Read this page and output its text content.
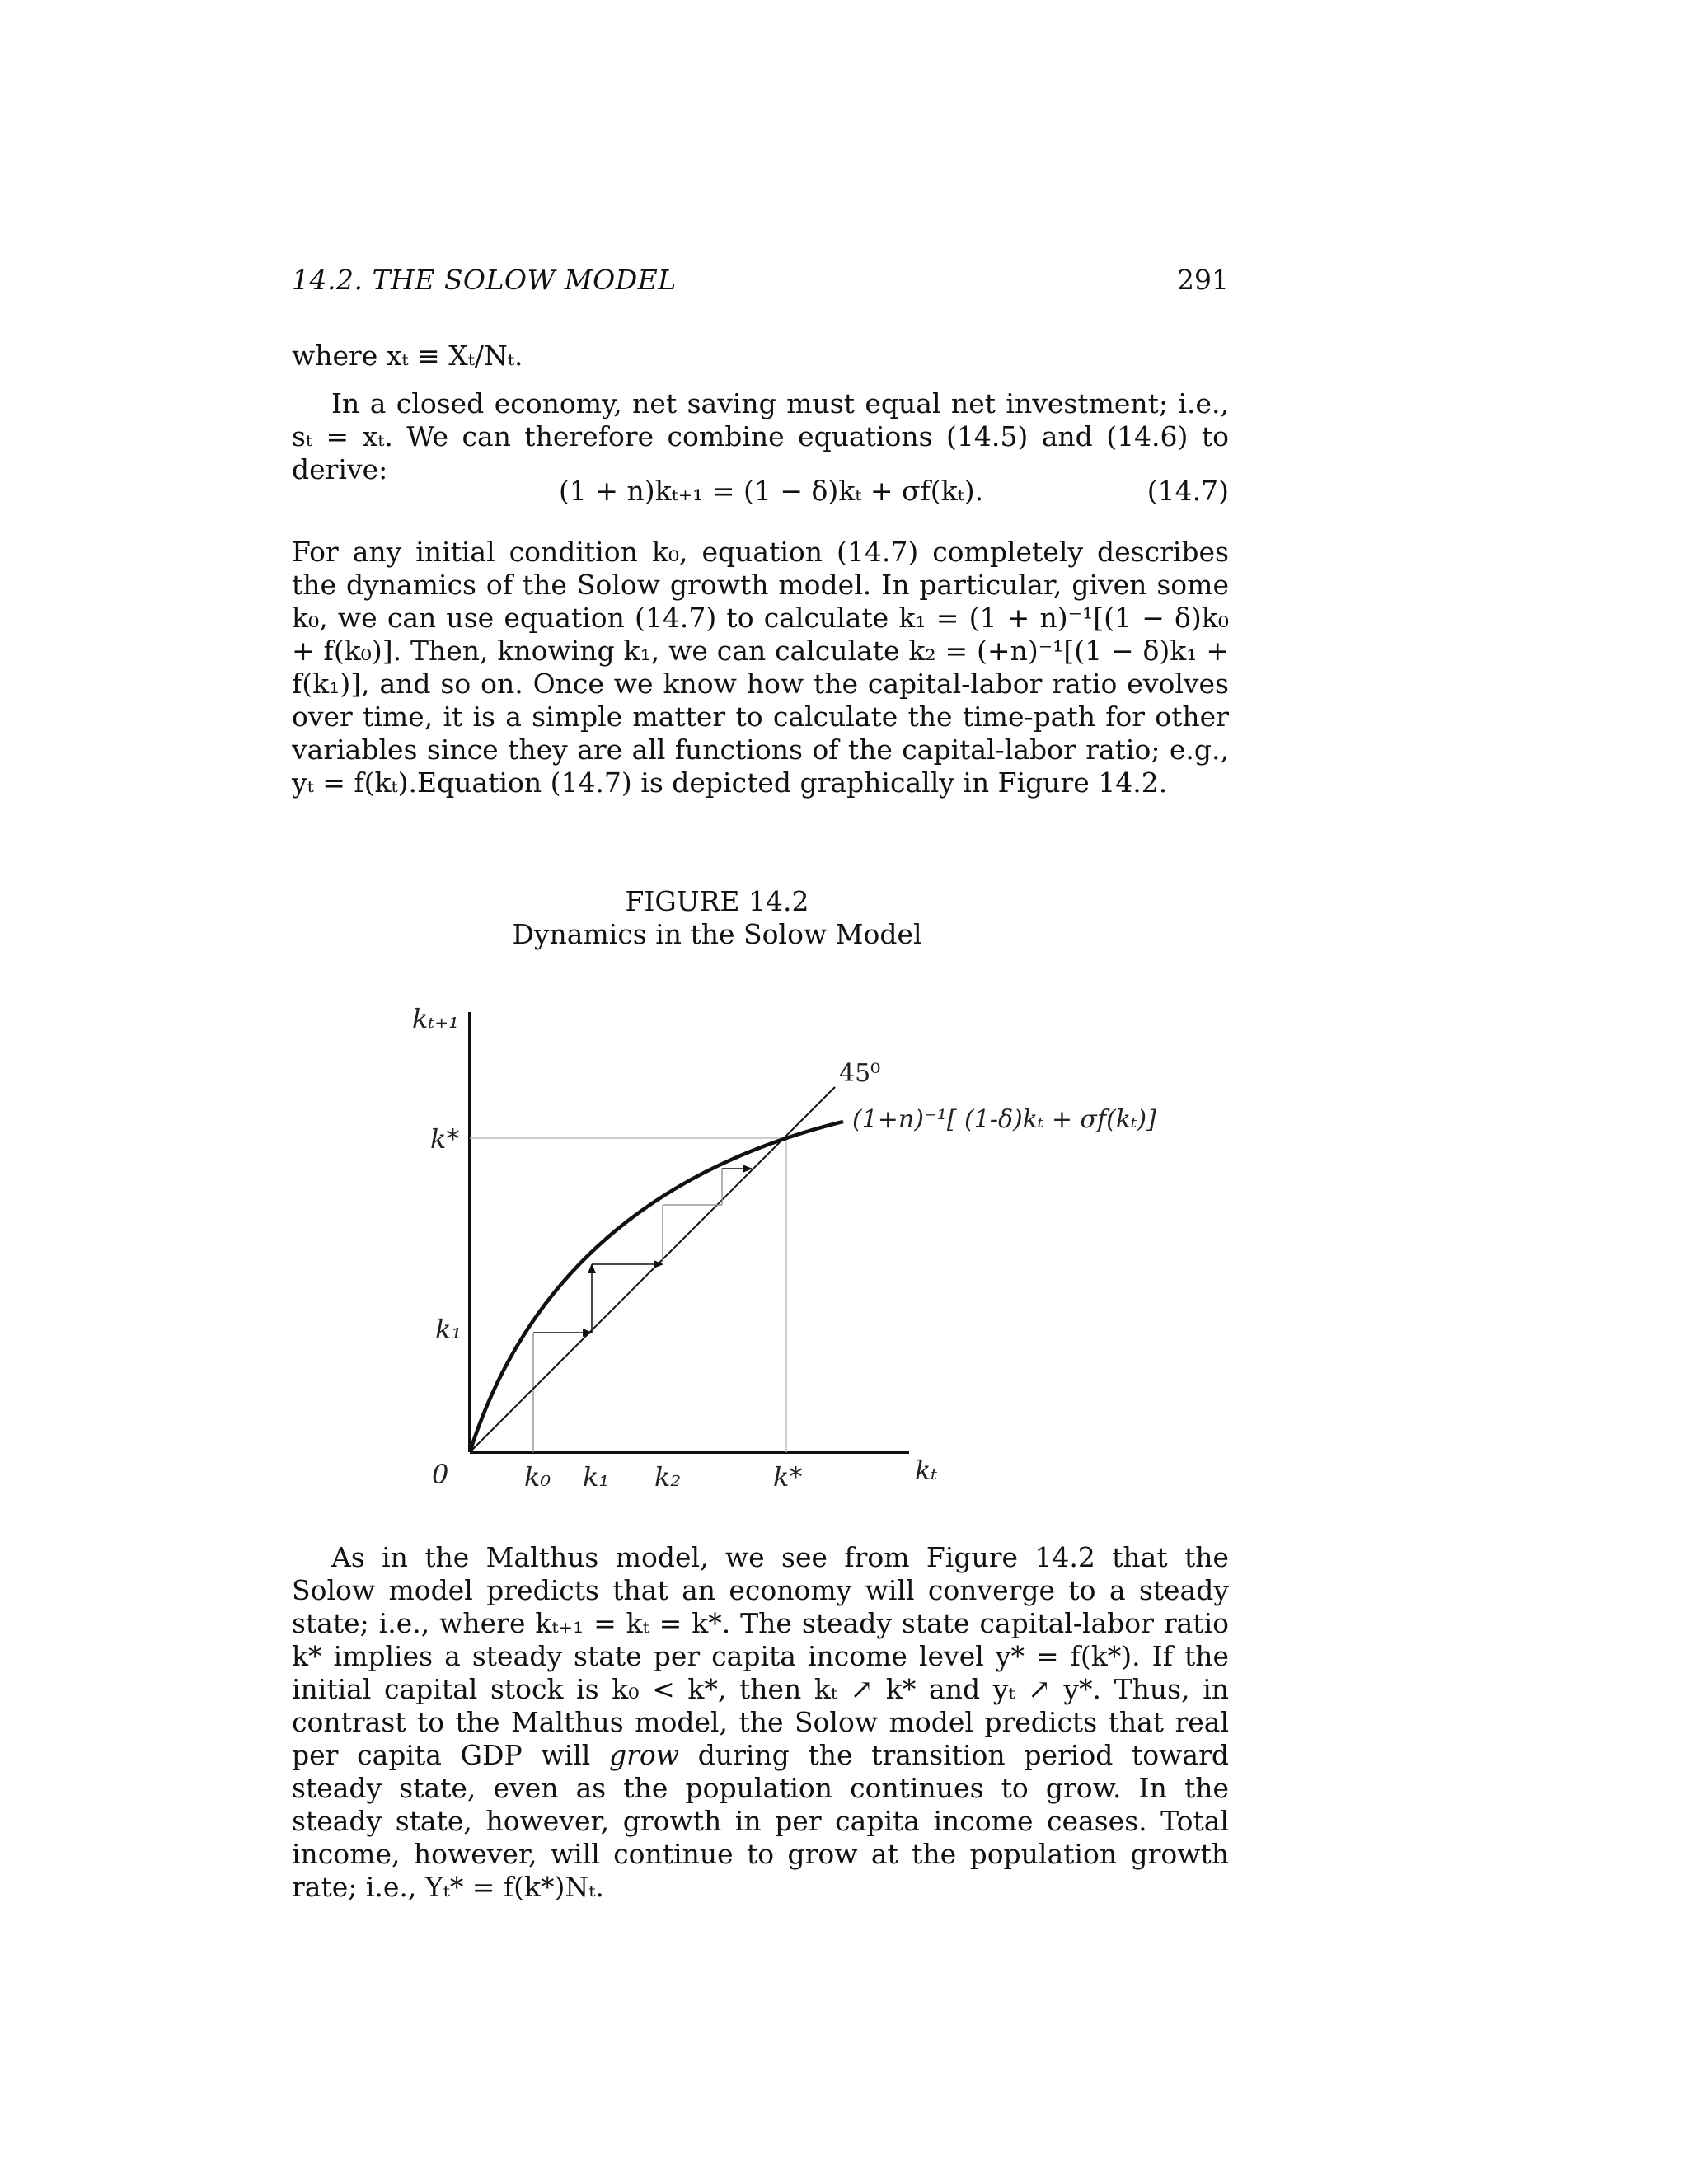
14.2. THE SOLOW MODEL	291

where xₜ ≡ Xₜ/Nₜ.

In a closed economy, net saving must equal net investment; i.e., sₜ = xₜ. We can therefore combine equations (14.5) and (14.6) to derive:

(1 + n)kₜ₊₁ = (1 − δ)kₜ + σf(kₜ).	(14.7)

For any initial condition k₀, equation (14.7) completely describes the dynamics of the Solow growth model. In particular, given some k₀, we can use equation (14.7) to calculate k₁ = (1 + n)⁻¹[(1 − δ)k₀ + f(k₀)]. Then, knowing k₁, we can calculate k₂ = (+n)⁻¹[(1 − δ)k₁ + f(k₁)], and so on. Once we know how the capital-labor ratio evolves over time, it is a simple matter to calculate the time-path for other variables since they are all functions of the capital-labor ratio; e.g., yₜ = f(kₜ).Equation (14.7) is depicted graphically in Figure 14.2.

FIGURE 14.2
Dynamics in the Solow Model
kₜ₊₁
kₜ
0
k*
k₁
k₀ k₁ k₂	k*
45⁰
(1+n)⁻¹[ (1-δ)kₜ + σf(kₜ)]

As in the Malthus model, we see from Figure 14.2 that the Solow model predicts that an economy will converge to a steady state; i.e., where kₜ₊₁ = kₜ = k*. The steady state capital-labor ratio k* implies a steady state per capita income level y* = f(k*). If the initial capital stock is k₀ < k*, then kₜ ↗ k* and yₜ ↗ y*. Thus, in contrast to the Malthus model, the Solow model predicts that real per capita GDP will grow during the transition period toward steady state, even as the population continues to grow. In the steady state, however, growth in per capita income ceases. Total income, however, will continue to grow at the population growth rate; i.e., Yₜ* = f(k*)Nₜ.
